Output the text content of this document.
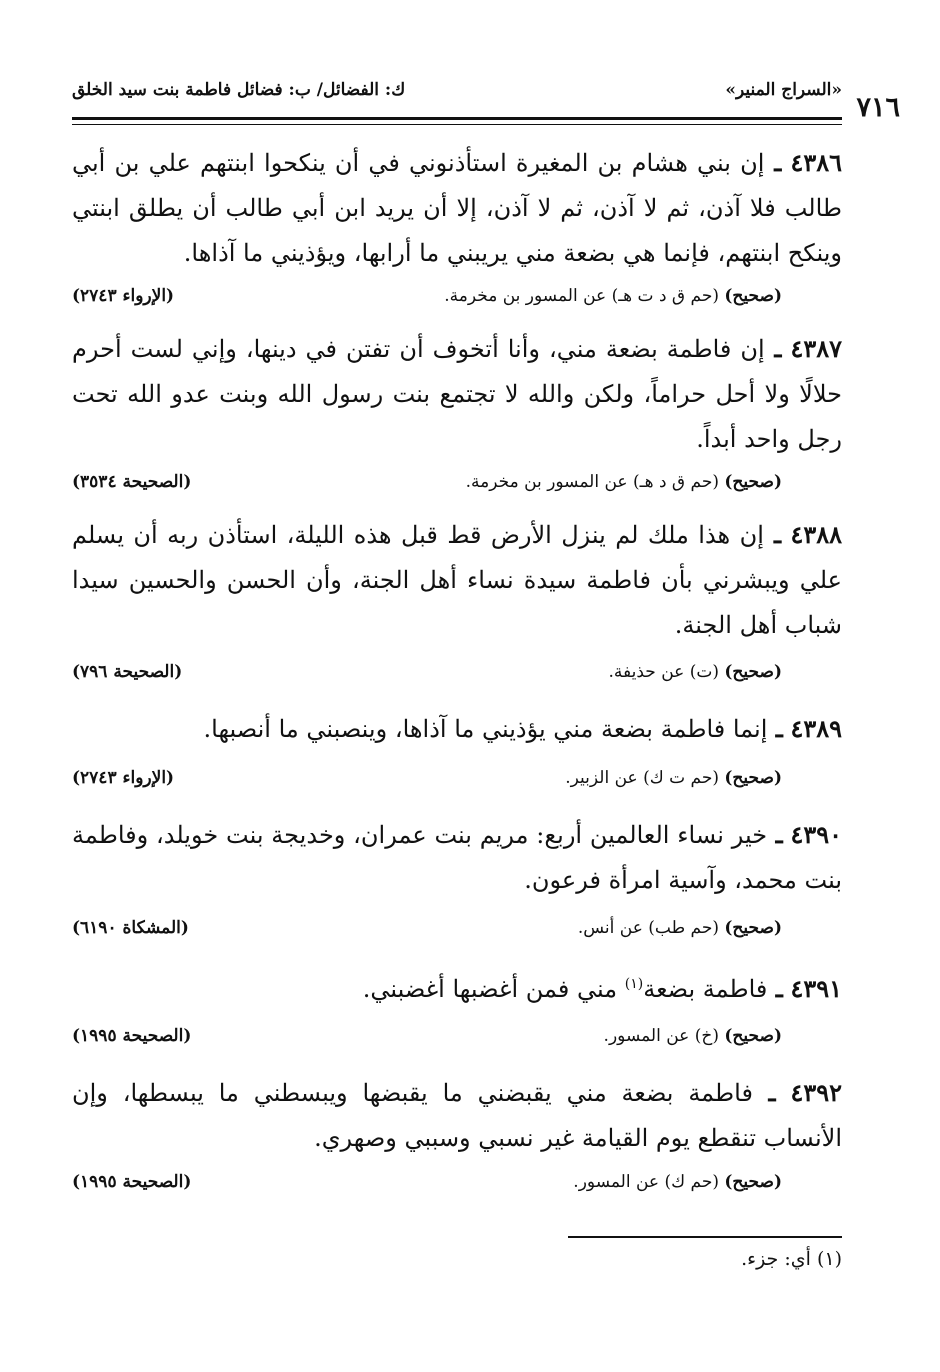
٧١٦
«السراج المنير»
ك: الفضائل/ ب: فضائل فاطمة بنت سيد الخلق
٤٣٨٦ ـ إن بني هشام بن المغيرة استأذنوني في أن ينكحوا ابنتهم علي بن أبي طالب فلا آذن، ثم لا آذن، ثم لا آذن، إلا أن يريد ابن أبي طالب أن يطلق ابنتي وينكح ابنتهم، فإنما هي بضعة مني يريبني ما أرابها، ويؤذيني ما آذاها.
(صحيح) (حم ق د ت هـ) عن المسور بن مخرمة.
(الإرواء ٢٧٤٣)
٤٣٨٧ ـ إن فاطمة بضعة مني، وأنا أتخوف أن تفتن في دينها، وإني لست أحرم حلالًا ولا أحل حراماً، ولكن والله لا تجتمع بنت رسول الله وبنت عدو الله تحت رجل واحد أبداً.
(صحيح) (حم ق د هـ) عن المسور بن مخرمة.
(الصحيحة ٣٥٣٤)
٤٣٨٨ ـ إن هذا ملك لم ينزل الأرض قط قبل هذه الليلة، استأذن ربه أن يسلم علي ويبشرني بأن فاطمة سيدة نساء أهل الجنة، وأن الحسن والحسين سيدا شباب أهل الجنة.
(صحيح) (ت) عن حذيفة.
(الصحيحة ٧٩٦)
٤٣٨٩ ـ إنما فاطمة بضعة مني يؤذيني ما آذاها، وينصبني ما أنصبها.
(صحيح) (حم ت ك) عن الزبير.
(الإرواء ٢٧٤٣)
٤٣٩٠ ـ خير نساء العالمين أربع: مريم بنت عمران، وخديجة بنت خويلد، وفاطمة بنت محمد، وآسية امرأة فرعون.
(صحيح) (حم طب) عن أنس.
(المشكاة ٦١٩٠)
٤٣٩١ ـ فاطمة بضعة$^{(١)}$ مني فمن أغضبها أغضبني.
(صحيح) (خ) عن المسور.
(الصحيحة ١٩٩٥)
٤٣٩٢ ـ فاطمة بضعة مني يقبضني ما يقبضها ويبسطني ما يبسطها، وإن الأنساب تنقطع يوم القيامة غير نسبي وسببي وصهري.
(صحيح) (حم ك) عن المسور.
(الصحيحة ١٩٩٥)
(١) أي: جزء.
